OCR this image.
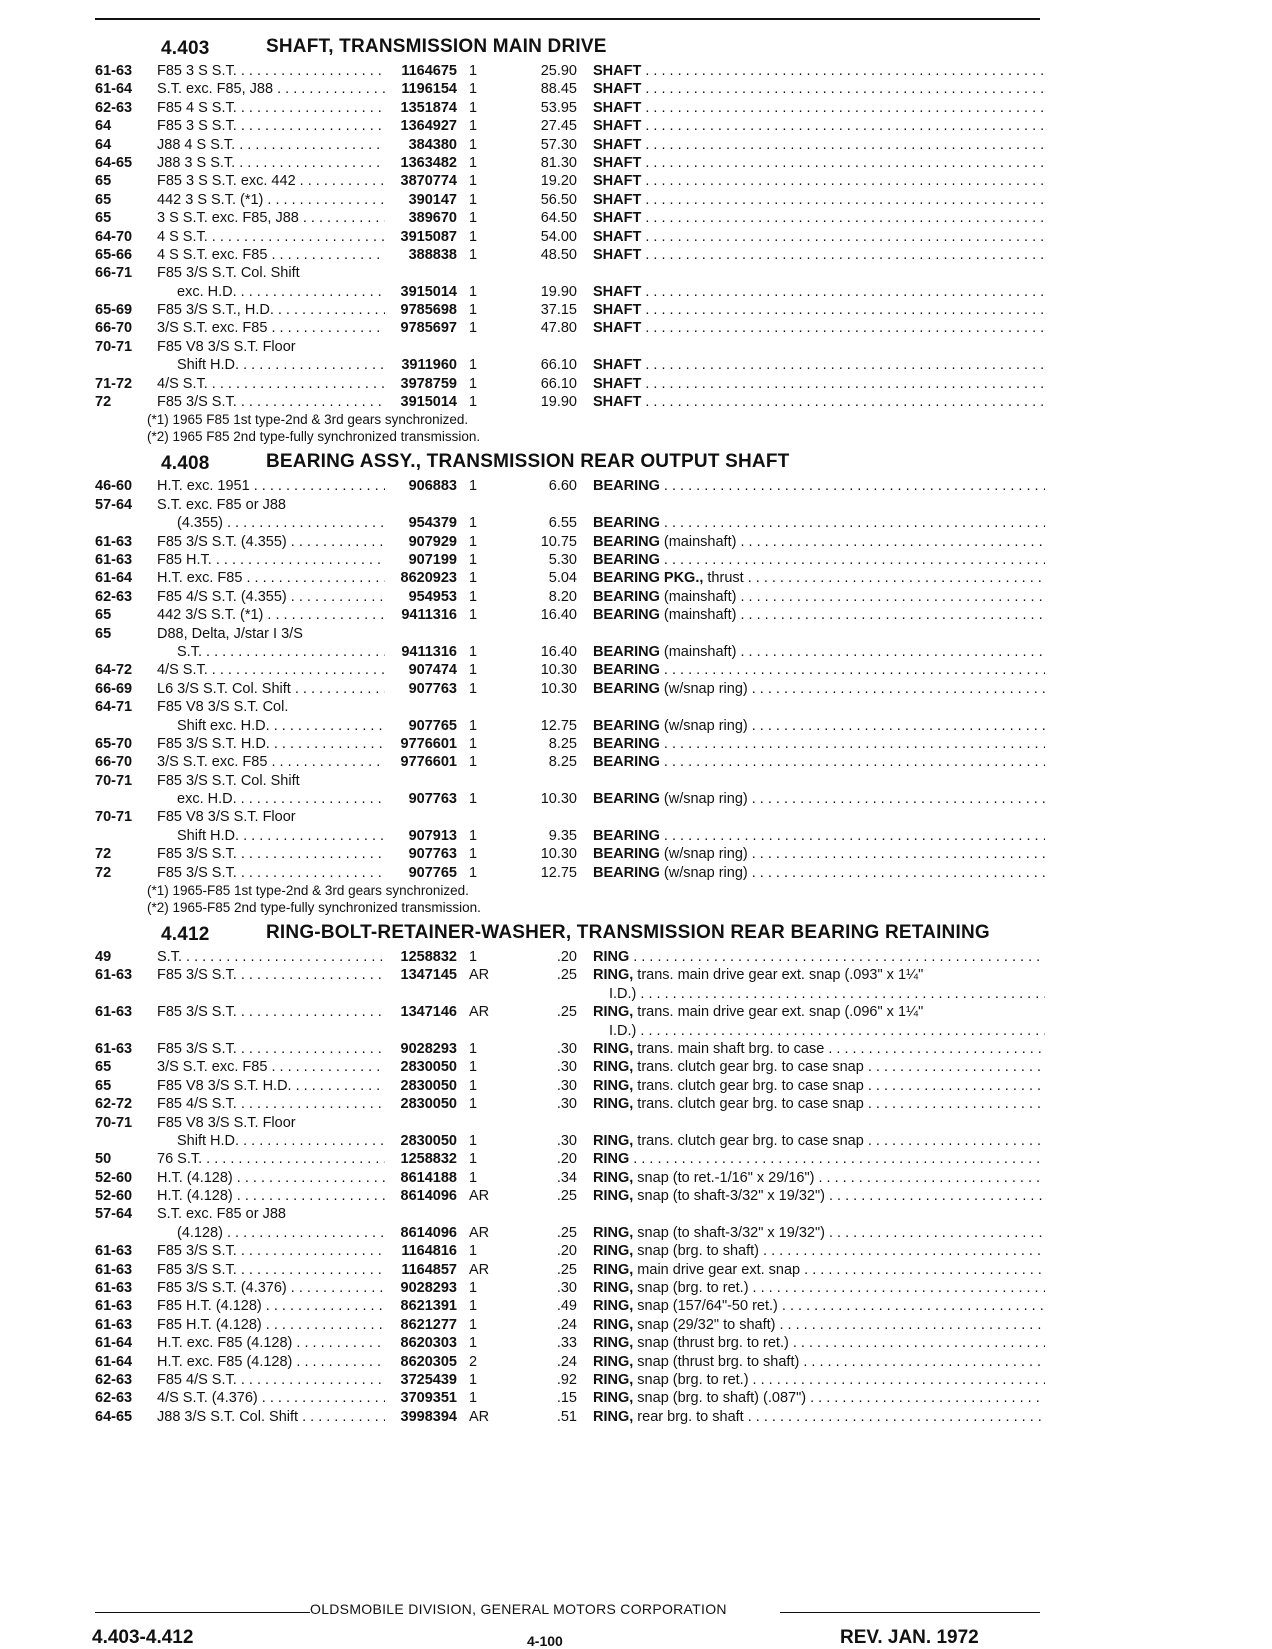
4.403	SHAFT, TRANSMISSION MAIN DRIVE
61-63	F85 3 S S.T. . . .	1164675 1	25.90	SHAFT . . .
61-64	S.T. exc. F85, J88 . . .	1196154 1	88.45	SHAFT . . .
62-63	F85 4 S S.T. . . .	1351874 1	53.95	SHAFT . . .
64	F85 3 S S.T. . . .	1364927 1	27.45	SHAFT . . .
64	J88 4 S S.T. . . .	384380 1	57.30	SHAFT . . .
64-65	J88 3 S S.T. . . .	1363482 1	81.30	SHAFT . . .
65	F85 3 S S.T. exc. 442 . . .	3870774 1	19.20	SHAFT . . .
65	442 3 S S.T. (*1) . . .	390147 1	56.50	SHAFT . . .
65	3 S S.T. exc. F85, J88 . . .	389670 1	64.50	SHAFT . . .
64-70	4 S S.T. . . .	3915087 1	54.00	SHAFT . . .
65-66	4 S S.T. exc. F85 . . .	388838 1	48.50	SHAFT . . .
66-71	F85 3/S S.T. Col. Shift
exc. H.D. . . .	3915014 1	19.90	SHAFT . . .
65-69	F85 3/S S.T., H.D. . . .	9785698 1	37.15	SHAFT . . .
66-70	3/S S.T. exc. F85 . . .	9785697 1	47.80	SHAFT . . .
70-71	F85 V8 3/S S.T. Floor
Shift H.D. . . .	3911960 1	66.10	SHAFT . . .
71-72	4/S S.T. . . .	3978759 1	66.10	SHAFT . . .
72	F85 3/S S.T. . . .	3915014 1	19.90	SHAFT . . .
(*1) 1965 F85 1st type-2nd & 3rd gears synchronized.
(*2) 1965 F85 2nd type-fully synchronized transmission.
4.408	BEARING ASSY., TRANSMISSION REAR OUTPUT SHAFT
46-60	H.T. exc. 1951 . . .	906883 1	6.60	BEARING . . .
57-64	S.T. exc. F85 or J88
(4.355) . . .	954379 1	6.55	BEARING . . .
61-63	F85 3/S S.T. (4.355) . . .	907929 1	10.75	BEARING (mainshaft) . . .
61-63	F85 H.T. . . .	907199 1	5.30	BEARING . . .
61-64	H.T. exc. F85 . . .	8620923 1	5.04	BEARING PKG., thrust . . .
62-63	F85 4/S S.T. (4.355) . . .	954953 1	8.20	BEARING (mainshaft) . . .
65	442 3/S S.T. (*1) . . .	9411316 1	16.40	BEARING (mainshaft) . . .
65	D88, Delta, J/star I 3/S
S.T. . . .	9411316 1	16.40	BEARING (mainshaft) . . .
64-72	4/S S.T. . . .	907474 1	10.30	BEARING . . .
66-69	L6 3/S S.T. Col. Shift . . .	907763 1	10.30	BEARING (w/snap ring) . . .
64-71	F85 V8 3/S S.T. Col.
Shift exc. H.D. . . .	907765 1	12.75	BEARING (w/snap ring) . . .
65-70	F85 3/S S.T. H.D. . . .	9776601 1	8.25	BEARING . . .
66-70	3/S S.T. exc. F85 . . .	9776601 1	8.25	BEARING . . .
70-71	F85 3/S S.T. Col. Shift
exc. H.D. . . .	907763 1	10.30	BEARING (w/snap ring) . . .
70-71	F85 V8 3/S S.T. Floor
Shift H.D. . . .	907913 1	9.35	BEARING . . .
72	F85 3/S S.T. . . .	907763 1	10.30	BEARING (w/snap ring) . . .
72	F85 3/S S.T. . . .	907765 1	12.75	BEARING (w/snap ring) . . .
(*1) 1965-F85 1st type-2nd & 3rd gears synchronized.
(*2) 1965-F85 2nd type-fully synchronized transmission.
4.412	RING-BOLT-RETAINER-WASHER, TRANSMISSION REAR BEARING RETAINING
49	S.T. . . .	1258832 1	.20	RING . . .
61-63	F85 3/S S.T. . . .	1347145 AR	.25	RING, trans. main drive gear ext. snap (.093" x 1¼"
I.D.) . . .
61-63	F85 3/S S.T. . . .	1347146 AR	.25	RING, trans. main drive gear ext. snap (.096" x 1¼"
I.D.) . . .
61-63	F85 3/S S.T. . . .	9028293 1	.30	RING, trans. main shaft brg. to case . . .
65	3/S S.T. exc. F85 . . .	2830050 1	.30	RING, trans. clutch gear brg. to case snap . . .
65	F85 V8 3/S S.T. H.D. . . .	2830050 1	.30	RING, trans. clutch gear brg. to case snap . . .
62-72	F85 4/S S.T. . . .	2830050 1	.30	RING, trans. clutch gear brg. to case snap . . .
70-71	F85 V8 3/S S.T. Floor
Shift H.D. . . .	2830050 1	.30	RING, trans. clutch gear brg. to case snap . . .
50	76 S.T. . . .	1258832 1	.20	RING . . .
52-60	H.T. (4.128) . . .	8614188 1	.34	RING, snap (to ret.-1/16" x 29/16") . . .
52-60	H.T. (4.128) . . .	8614096 AR	.25	RING, snap (to shaft-3/32" x 19/32") . . .
57-64	S.T. exc. F85 or J88
(4.128) . . .	8614096 AR	.25	RING, snap (to shaft-3/32" x 19/32") . . .
61-63	F85 3/S S.T. . . .	1164816 1	.20	RING, snap (brg. to shaft) . . .
61-63	F85 3/S S.T. . . .	1164857 AR	.25	RING, main drive gear ext. snap . . .
61-63	F85 3/S S.T. (4.376) . . .	9028293 1	.30	RING, snap (brg. to ret.) . . .
61-63	F85 H.T. (4.128) . . .	8621391 1	.49	RING, snap (157/64"-50 ret.) . . .
61-63	F85 H.T. (4.128) . . .	8621277 1	.24	RING, snap (29/32" to shaft) . . .
61-64	H.T. exc. F85 (4.128) . . .	8620303 1	.33	RING, snap (thrust brg. to ret.) . . .
61-64	H.T. exc. F85 (4.128) . . .	8620305 2	.24	RING, snap (thrust brg. to shaft) . . .
62-63	F85 4/S S.T. . . .	3725439 1	.92	RING, snap (brg. to ret.) . . .
62-63	4/S S.T. (4.376) . . .	3709351 1	.15	RING, snap (brg. to shaft) (.087") . . .
64-65	J88 3/S S.T. Col. Shift . . .	3998394 AR	.51	RING, rear brg. to shaft . . .
OLDSMOBILE DIVISION, GENERAL MOTORS CORPORATION
4.403-4.412	4-100	REV. JAN. 1972
